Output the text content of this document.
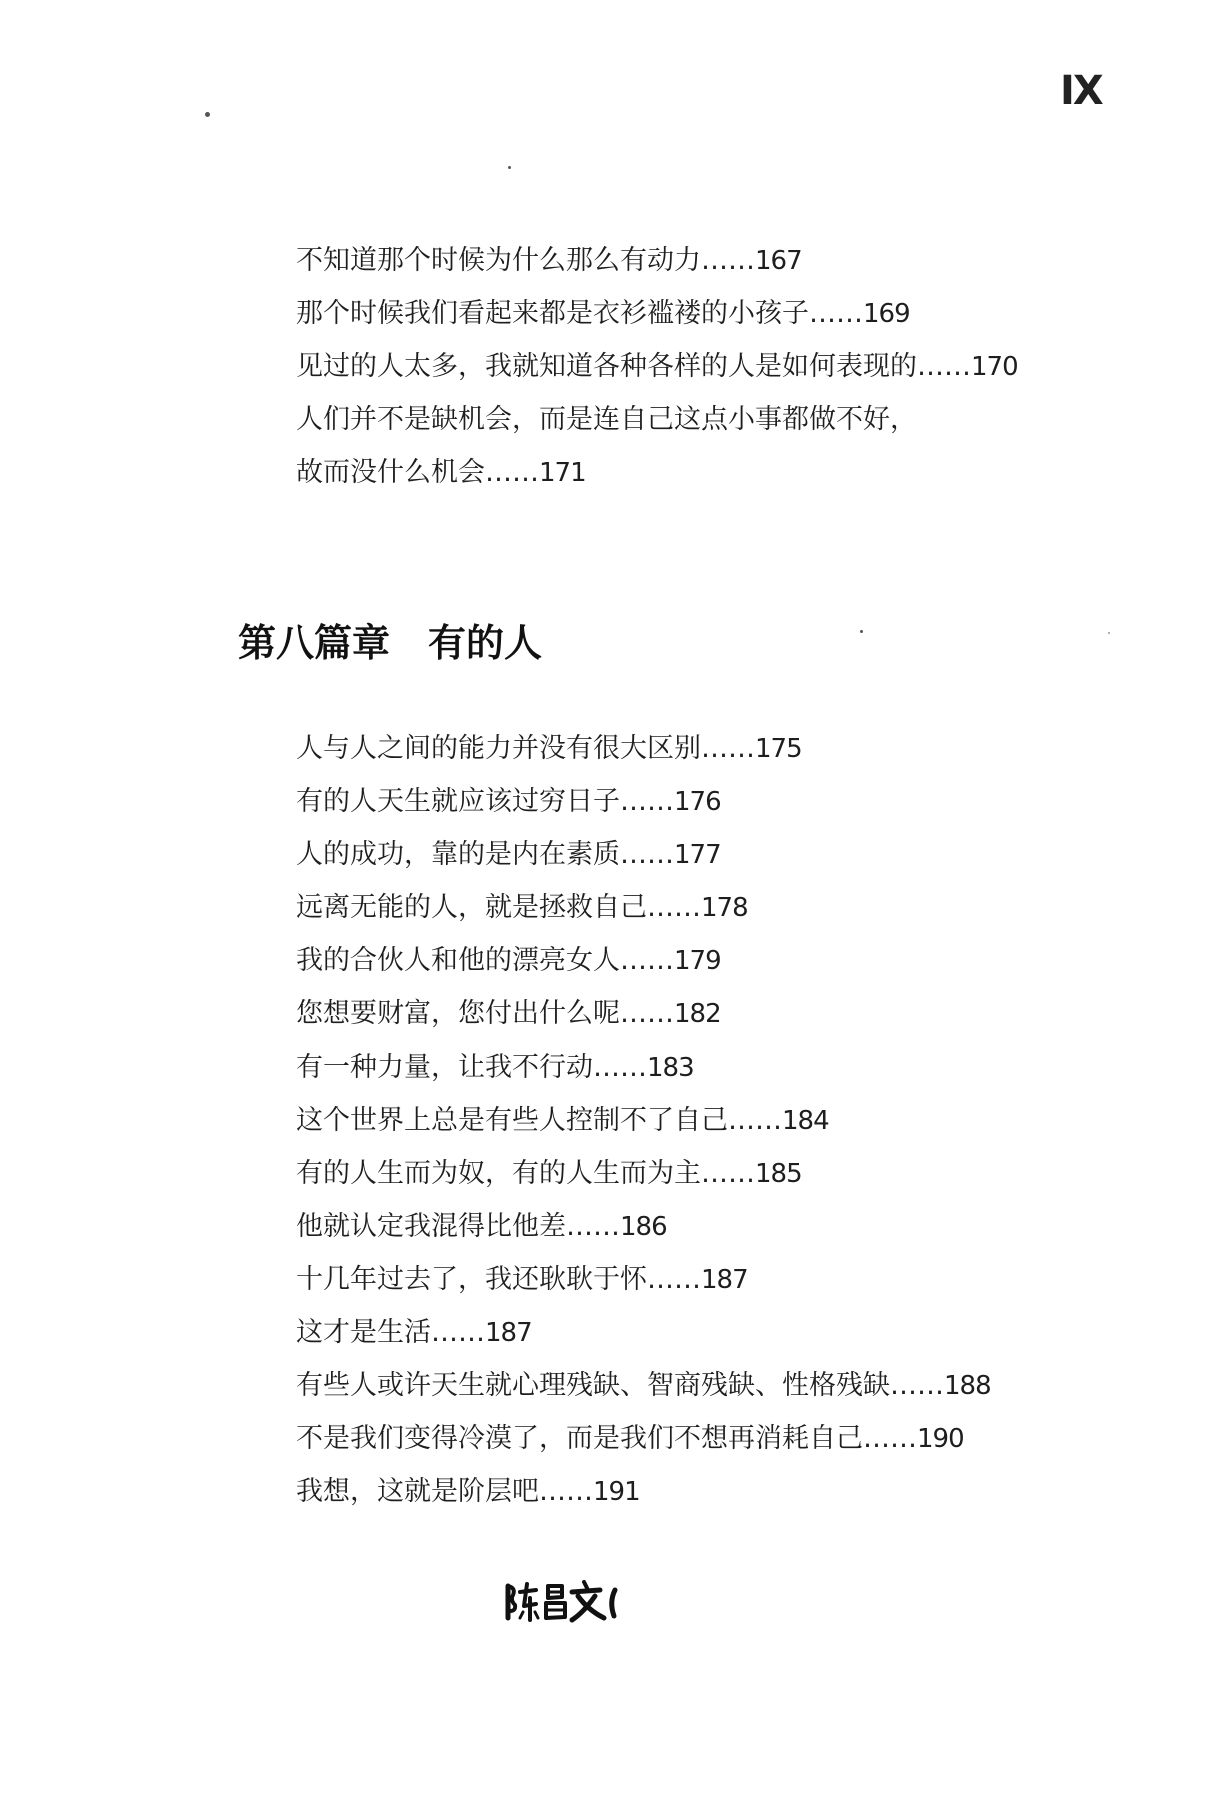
IX
不知道那个时候为什么那么有动力……167
那个时候我们看起来都是衣衫褴褛的小孩子……169
见过的人太多，我就知道各种各样的人是如何表现的……170
人们并不是缺机会，而是连自己这点小事都做不好，
故而没什么机会……171
第八篇章 有的人
人与人之间的能力并没有很大区别……175
有的人天生就应该过穷日子……176
人的成功，靠的是内在素质……177
远离无能的人，就是拯救自己……178
我的合伙人和他的漂亮女人……179
您想要财富，您付出什么呢……182
有一种力量，让我不行动……183
这个世界上总是有些人控制不了自己……184
有的人生而为奴，有的人生而为主……185
他就认定我混得比他差……186
十几年过去了，我还耿耿于怀……187
这才是生活……187
有些人或许天生就心理残缺、智商残缺、性格残缺……188
不是我们变得冷漠了，而是我们不想再消耗自己……190
我想，这就是阶层吧……191
